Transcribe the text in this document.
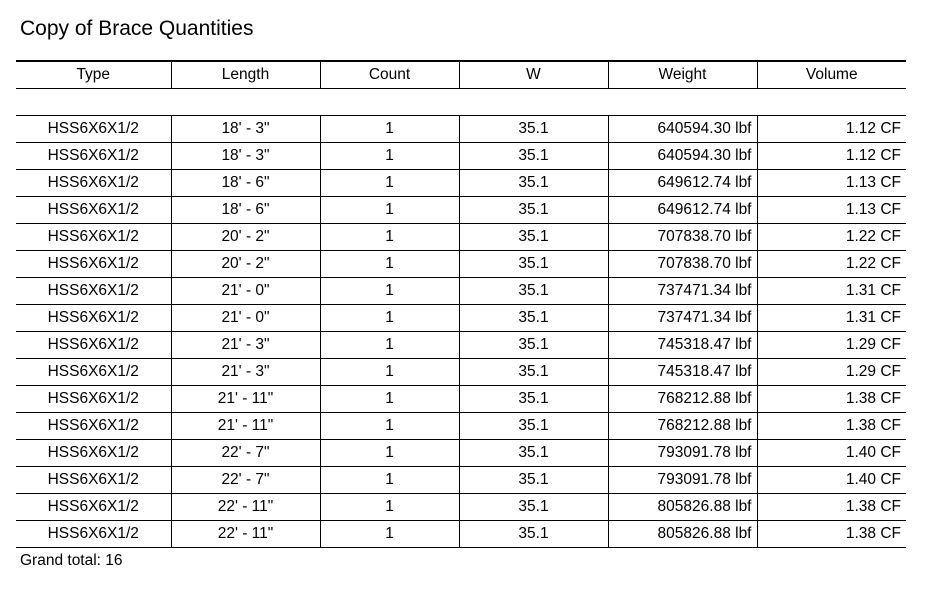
Copy of Brace Quantities
Type	Length	Count	W	Weight	Volume

HSS6X6X1/2	18' - 3"	1	35.1	640594.30 lbf	1.12 CF
HSS6X6X1/2	18' - 3"	1	35.1	640594.30 lbf	1.12 CF
HSS6X6X1/2	18' - 6"	1	35.1	649612.74 lbf	1.13 CF
HSS6X6X1/2	18' - 6"	1	35.1	649612.74 lbf	1.13 CF
HSS6X6X1/2	20' - 2"	1	35.1	707838.70 lbf	1.22 CF
HSS6X6X1/2	20' - 2"	1	35.1	707838.70 lbf	1.22 CF
HSS6X6X1/2	21' - 0"	1	35.1	737471.34 lbf	1.31 CF
HSS6X6X1/2	21' - 0"	1	35.1	737471.34 lbf	1.31 CF
HSS6X6X1/2	21' - 3"	1	35.1	745318.47 lbf	1.29 CF
HSS6X6X1/2	21' - 3"	1	35.1	745318.47 lbf	1.29 CF
HSS6X6X1/2	21' - 11"	1	35.1	768212.88 lbf	1.38 CF
HSS6X6X1/2	21' - 11"	1	35.1	768212.88 lbf	1.38 CF
HSS6X6X1/2	22' - 7"	1	35.1	793091.78 lbf	1.40 CF
HSS6X6X1/2	22' - 7"	1	35.1	793091.78 lbf	1.40 CF
HSS6X6X1/2	22' - 11"	1	35.1	805826.88 lbf	1.38 CF
HSS6X6X1/2	22' - 11"	1	35.1	805826.88 lbf	1.38 CF
Grand total: 16
